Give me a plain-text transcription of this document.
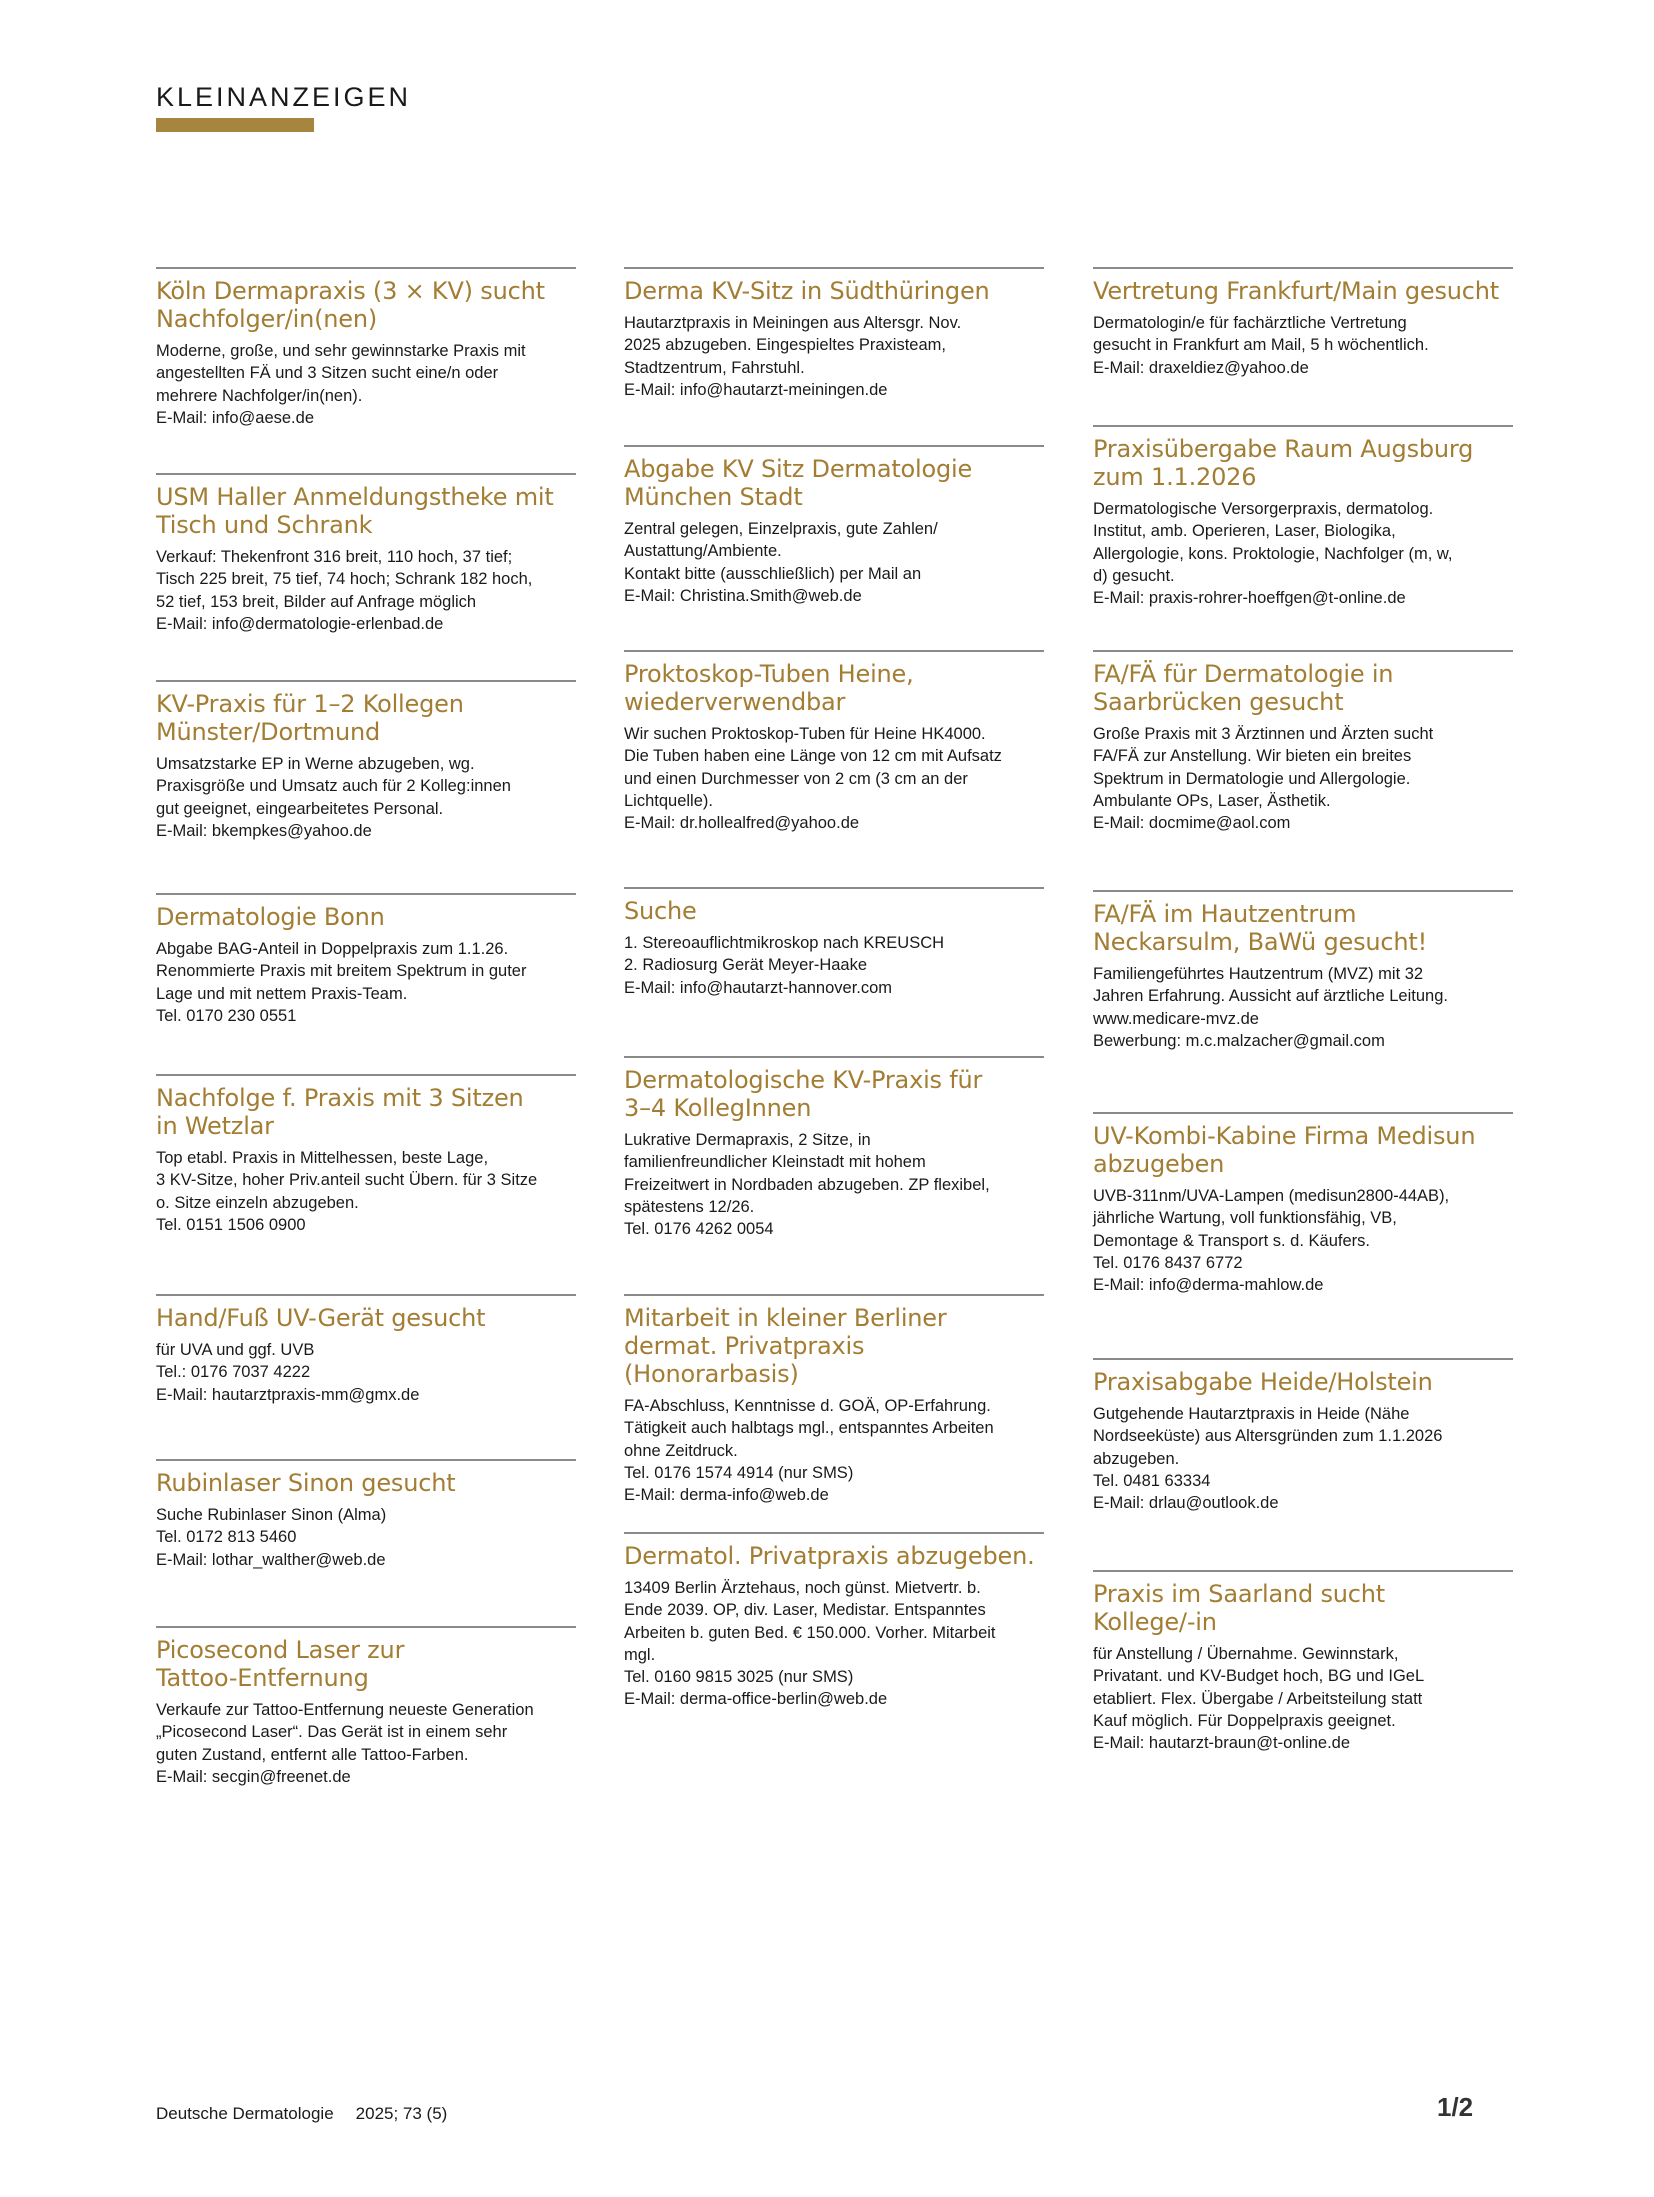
KLEINANZEIGEN
Köln Dermapraxis (3 × KV) sucht
Nachfolger/in(nen)
Moderne, große, und sehr gewinnstarke Praxis mit
angestellten FÄ und 3 Sitzen sucht eine/n oder
mehrere Nachfolger/in(nen).
E-Mail: info@aese.de
USM Haller Anmeldungstheke mit
Tisch und Schrank
Verkauf: Thekenfront 316 breit, 110 hoch, 37 tief;
Tisch 225 breit, 75 tief, 74 hoch; Schrank 182 hoch,
52 tief, 153 breit, Bilder auf Anfrage möglich
E-Mail: info@dermatologie-erlenbad.de
KV-Praxis für 1–2 Kollegen
Münster/Dortmund
Umsatzstarke EP in Werne abzugeben, wg.
Praxisgröße und Umsatz auch für 2 Kolleg:innen
gut geeignet, eingearbeitetes Personal.
E-Mail: bkempkes@yahoo.de
Dermatologie Bonn
Abgabe BAG-Anteil in Doppelpraxis zum 1.1.26.
Renommierte Praxis mit breitem Spektrum in guter
Lage und mit nettem Praxis-Team.
Tel. 0170 230 0551
Nachfolge f. Praxis mit 3 Sitzen
in Wetzlar
Top etabl. Praxis in Mittelhessen, beste Lage,
3 KV-Sitze, hoher Priv.anteil sucht Übern. für 3 Sitze
o. Sitze einzeln abzugeben.
Tel. 0151 1506 0900
Hand/Fuß UV-Gerät gesucht
für UVA und ggf. UVB
Tel.: 0176 7037 4222
E-Mail: hautarztpraxis-mm@gmx.de
Rubinlaser Sinon gesucht
Suche Rubinlaser Sinon (Alma)
Tel. 0172 813 5460
E-Mail: lothar_walther@web.de
Picosecond Laser zur
Tattoo-Entfernung
Verkaufe zur Tattoo-Entfernung neueste Generation
„Picosecond Laser“. Das Gerät ist in einem sehr
guten Zustand, entfernt alle Tattoo-Farben.
E-Mail: secgin@freenet.de
Derma KV-Sitz in Südthüringen
Hautarztpraxis in Meiningen aus Altersgr. Nov.
2025 abzugeben. Eingespieltes Praxisteam,
Stadtzentrum, Fahrstuhl.
E-Mail: info@hautarzt-meiningen.de
Abgabe KV Sitz Dermatologie
München Stadt
Zentral gelegen, Einzelpraxis, gute Zahlen/
Austattung/Ambiente.
Kontakt bitte (ausschließlich) per Mail an
E-Mail: Christina.Smith@web.de
Proktoskop-Tuben Heine,
wiederverwendbar
Wir suchen Proktoskop-Tuben für Heine HK4000.
Die Tuben haben eine Länge von 12 cm mit Aufsatz
und einen Durchmesser von 2 cm (3 cm an der
Lichtquelle).
E-Mail: dr.hollealfred@yahoo.de
Suche
1. Stereoauflichtmikroskop nach KREUSCH
2. Radiosurg Gerät Meyer-Haake
E-Mail: info@hautarzt-hannover.com
Dermatologische KV-Praxis für
3–4 KollegInnen
Lukrative Dermapraxis, 2 Sitze, in
familienfreundlicher Kleinstadt mit hohem
Freizeitwert in Nordbaden abzugeben. ZP flexibel,
spätestens 12/26.
Tel. 0176 4262 0054
Mitarbeit in kleiner Berliner
dermat. Privatpraxis (Honorarbasis)
FA-Abschluss, Kenntnisse d. GOÄ, OP-Erfahrung.
Tätigkeit auch halbtags mgl., entspanntes Arbeiten
ohne Zeitdruck.
Tel. 0176 1574 4914 (nur SMS)
E-Mail: derma-info@web.de
Dermatol. Privatpraxis abzugeben.
13409 Berlin Ärztehaus, noch günst. Mietvertr. b.
Ende 2039. OP, div. Laser, Medistar. Entspanntes
Arbeiten b. guten Bed. € 150.000. Vorher. Mitarbeit
mgl.
Tel. 0160 9815 3025 (nur SMS)
E-Mail: derma-office-berlin@web.de
Vertretung Frankfurt/Main gesucht
Dermatologin/e für fachärztliche Vertretung
gesucht in Frankfurt am Mail, 5 h wöchentlich.
E-Mail: draxeldiez@yahoo.de
Praxisübergabe Raum Augsburg
zum 1.1.2026
Dermatologische Versorgerpraxis, dermatolog.
Institut, amb. Operieren, Laser, Biologika,
Allergologie, kons. Proktologie, Nachfolger (m, w,
d) gesucht.
E-Mail: praxis-rohrer-hoeffgen@t-online.de
FA/FÄ für Dermatologie in
Saarbrücken gesucht
Große Praxis mit 3 Ärztinnen und Ärzten sucht
FA/FÄ zur Anstellung. Wir bieten ein breites
Spektrum in Dermatologie und Allergologie.
Ambulante OPs, Laser, Ästhetik.
E-Mail: docmime@aol.com
FA/FÄ im Hautzentrum
Neckarsulm, BaWü gesucht!
Familiengeführtes Hautzentrum (MVZ) mit 32
Jahren Erfahrung. Aussicht auf ärztliche Leitung.
www.medicare-mvz.de
Bewerbung: m.c.malzacher@gmail.com
UV-Kombi-Kabine Firma Medisun
abzugeben
UVB-311nm/UVA-Lampen (medisun2800-44AB),
jährliche Wartung, voll funktionsfähig, VB,
Demontage & Transport s. d. Käufers.
Tel. 0176 8437 6772
E-Mail: info@derma-mahlow.de
Praxisabgabe Heide/Holstein
Gutgehende Hautarztpraxis in Heide (Nähe
Nordseeküste) aus Altersgründen zum 1.1.2026
abzugeben.
Tel. 0481 63334
E-Mail: drlau@outlook.de
Praxis im Saarland sucht
Kollege/-in
für Anstellung / Übernahme. Gewinnstark,
Privatant. und KV-Budget hoch, BG und IGeL
etabliert. Flex. Übergabe / Arbeitsteilung statt
Kauf möglich. Für Doppelpraxis geeignet.
E-Mail: hautarzt-braun@t-online.de
Deutsche Dermatologie 2025; 73 (5)	1/2
